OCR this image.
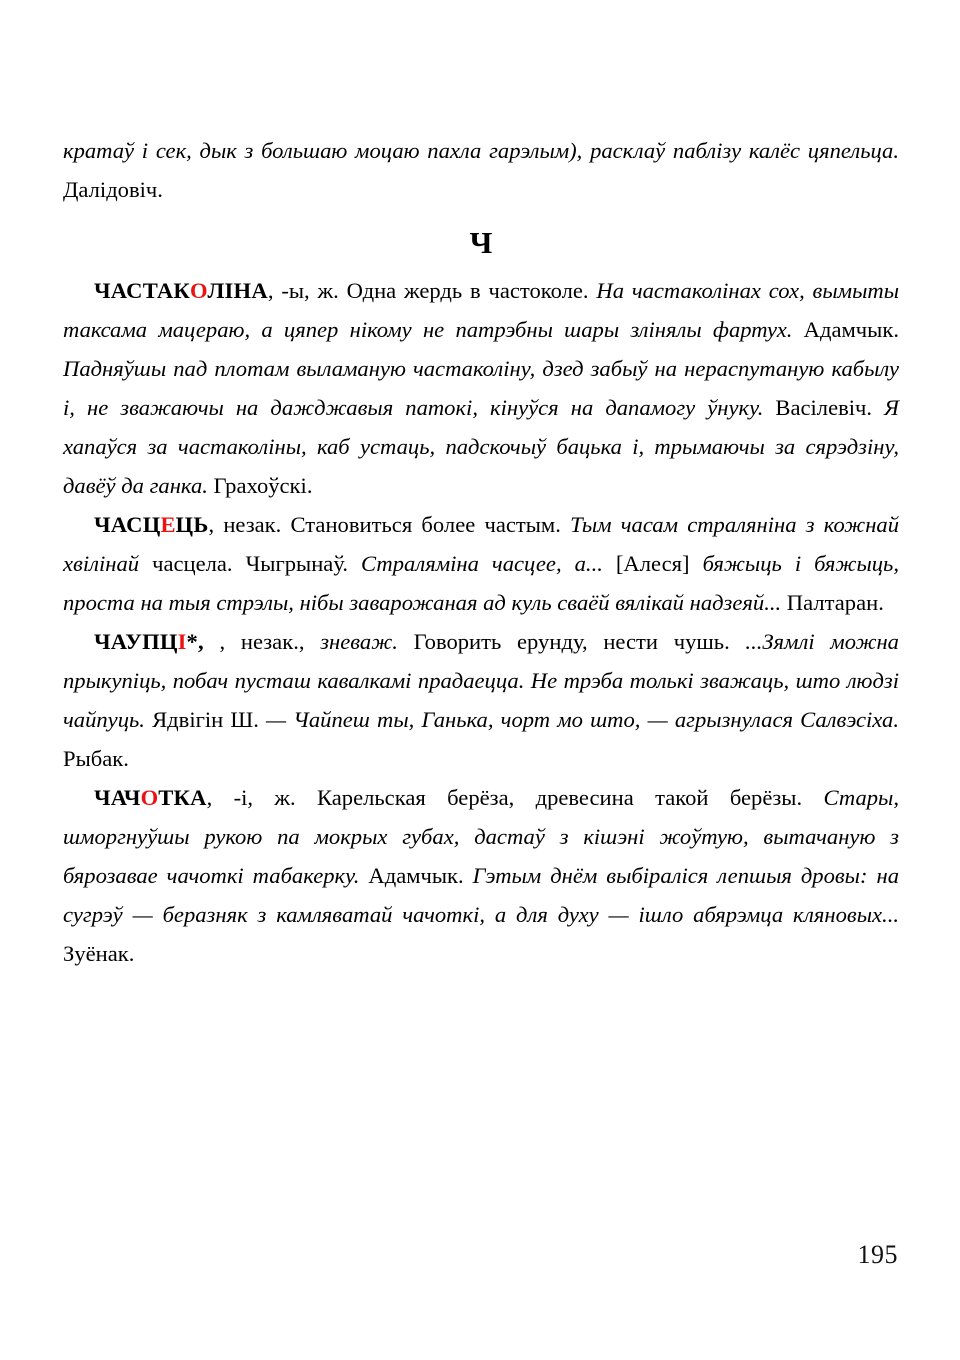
кратаў і сек, дык з большаю моцаю пахла гарэлым), расклаў паблізу калёс цяпельца. Далідовіч.

Ч

ЧАСТАКОЛІНА, -ы, ж. Одна жердь в частоколе. На частаколінах сох, вымыты таксама мацераю, а цяпер нікому не патрэбны шары злінялы фартух. Адамчык. Падняўшы пад плотам выламаную частаколіну, дзед забыў на нераспутаную кабылу і, не зважаючы на дажджавыя патокі, кінуўся на дапамогу ўнуку. Васілевіч. Я хапаўся за частаколіны, каб устаць, падскочыў бацька і, трымаючы за сярэдзіну, давёў да ганка. Грахоўскі.

ЧАСЦЕЦЬ, незак. Становиться более частым. Тым часам страляніна з кожнай хвілінай часцела. Чыгрынаў. Страляміна часцее, а... [Алеся] бяжыць і бяжыць, проста на тыя стрэлы, нібы заварожаная ад куль сваёй вялікай надзеяй... Палтаран.

ЧАУПЦІ*, , незак., зневаж. Говорить ерунду, нести чушь. ...Зямлі можна прыкупіць, побач пусташ кавалкамі прадаецца. Не трэба толькі зважаць, што людзі чайпуць. Ядвігін Ш. — Чайпеш ты, Ганька, чорт мо што, — агрызнулася Салвэсіха. Рыбак.

ЧАЧОТКА, -і, ж. Карельская берёза, древесина такой берёзы. Стары, шморгнуўшы рукою па мокрых губах, дастаў з кішэні жоўтую, вытачаную з бярозавае чачоткі табакерку. Адамчык. Гэтым днём выбіраліся лепшыя дровы: на сугрэў — беразняк з камляватай чачоткі, а для духу — ішло абярэмца кляновых... Зуёнак.

195
